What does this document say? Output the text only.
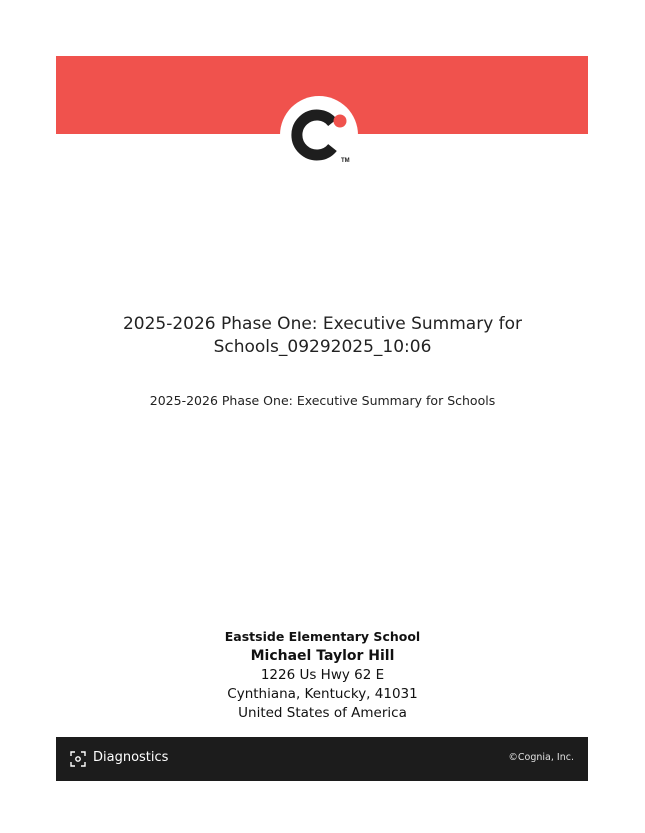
TM
2025-2026 Phase One: Executive Summary for
Schools_09292025_10:06
2025-2026 Phase One: Executive Summary for Schools
Eastside Elementary School
Michael Taylor Hill
1226 Us Hwy 62 E
Cynthiana, Kentucky, 41031
United States of America
Diagnostics	©Cognia, Inc.
